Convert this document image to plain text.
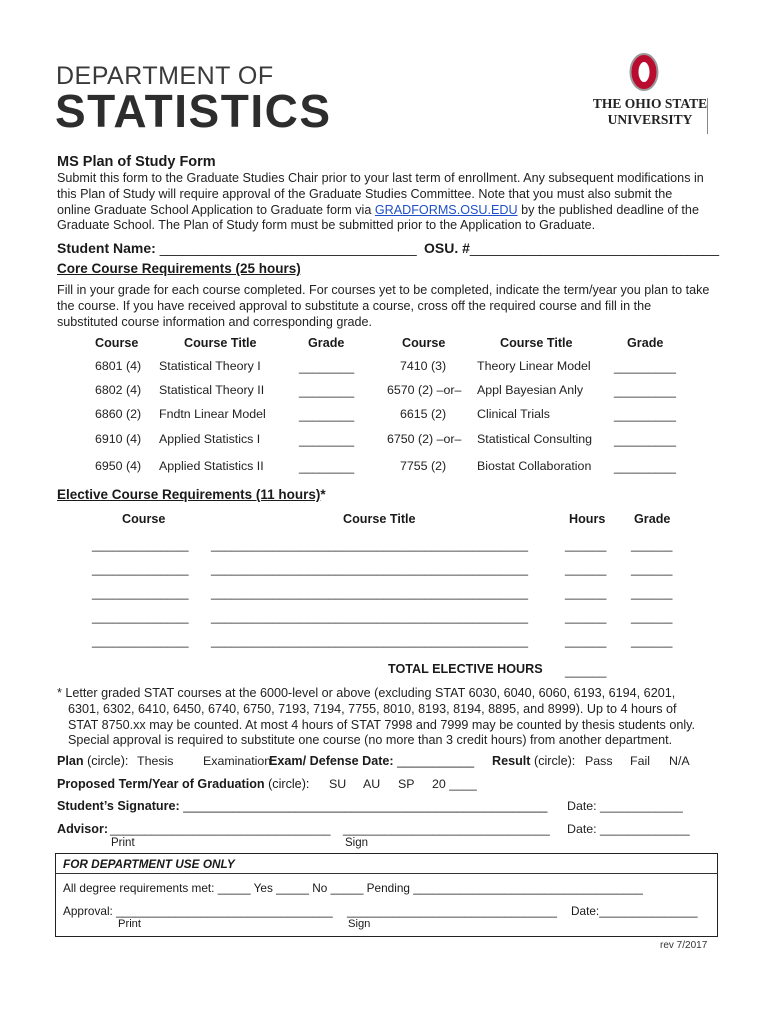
DEPARTMENT OF
STATISTICS	THE OHIO STATE
UNIVERSITY
MS Plan of Study Form
Submit this form to the Graduate Studies Chair prior to your last term of enrollment. Any subsequent modifications in
this Plan of Study will require approval of the Graduate Studies Committee. Note that you must also submit the
online Graduate School Application to Graduate form via GRADFORMS.OSU.EDU by the published deadline of the
Graduate School. The Plan of Study form must be submitted prior to the Application to Graduate.
Student Name: _________________________________ OSU. #________________________________
Core Course Requirements (25 hours)
Fill in your grade for each course completed. For courses yet to be completed, indicate the term/year you plan to take
the course. If you have received approval to substitute a course, cross off the required course and fill in the
substituted course information and corresponding grade.
Course	Course Title	Grade	Course	Course Title	Grade
6801 (4) Statistical Theory I	________	7410 (3) Theory Linear Model _________
6802 (4) Statistical Theory II	________	6570 (2) –or– Appl Bayesian Anly _________
6860 (2) Fndtn Linear Model	________	6615 (2) Clinical Trials	_________
6910 (4) Applied Statistics I	________	6750 (2) –or– Statistical Consulting _________
6950 (4) Applied Statistics II	________	7755 (2) Biostat Collaboration _________
Elective Course Requirements (11 hours)*
Course	Course Title	Hours Grade
______________ ______________________________________________	______ ______
______________ ______________________________________________	______ ______
______________ ______________________________________________	______ ______
______________ ______________________________________________	______ ______
______________ ______________________________________________	______ ______
TOTAL ELECTIVE HOURS ______
* Letter graded STAT courses at the 6000-level or above (excluding STAT 6030, 6040, 6060, 6193, 6194, 6201,
6301, 6302, 6410, 6450, 6740, 6750, 7193, 7194, 7755, 8010, 8193, 8194, 8895, and 8999). Up to 4 hours of
STAT 8750.xx may be counted. At most 4 hours of STAT 7998 and 7999 may be counted by thesis students only.
Special approval is required to substitute one course (no more than 3 credit hours) from another department.
Plan (circle): Thesis Examination
Exam/ Defense Date: ___________ Result (circle): Pass Fail N/A
Proposed Term/Year of Graduation (circle): SU AU SP 20 ____
Student’s Signature: ____________________________________________________ Date: ____________
Advisor: ________________________________ ______________________________ Date: _____________
Print	Sign
FOR DEPARTMENT USE ONLY
All degree requirements met: _____ Yes _____ No _____ Pending ___________________________________
Approval: _________________________________ ________________________________ Date:_______________
Print	Sign
rev 7/2017
